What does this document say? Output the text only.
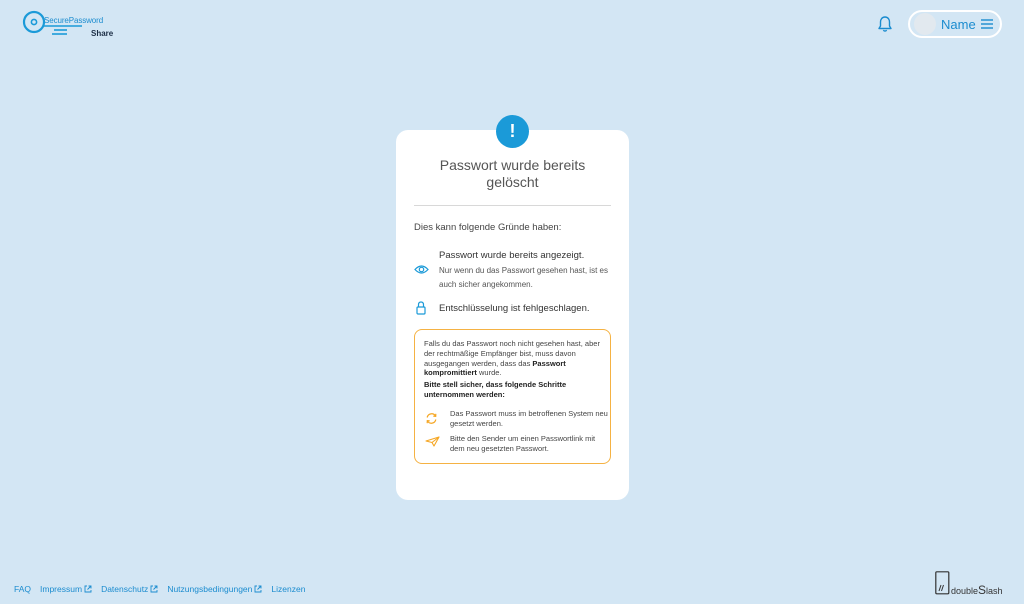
SecurePassword
Share
Name
!
Passwort wurde bereits gelöscht
Dies kann folgende Gründe haben:
Passwort wurde bereits angezeigt.
Nur wenn du das Passwort gesehen hast, ist es auch sicher angekommen.
Entschlüsselung ist fehlgeschlagen.
Falls du das Passwort noch nicht gesehen hast, aber der rechtmäßige Empfänger bist, muss davon ausgegangen werden, dass das Passwort kompromittiert wurde.
Bitte stell sicher, dass folgende Schritte unternommen werden:
Das Passwort muss im betroffenen System neu gesetzt werden.
Bitte den Sender um einen Passwortlink mit dem neu gesetzten Passwort.
FAQ Impressum Datenschutz Nutzungsbedingungen Lizenzen	doubleSlash
